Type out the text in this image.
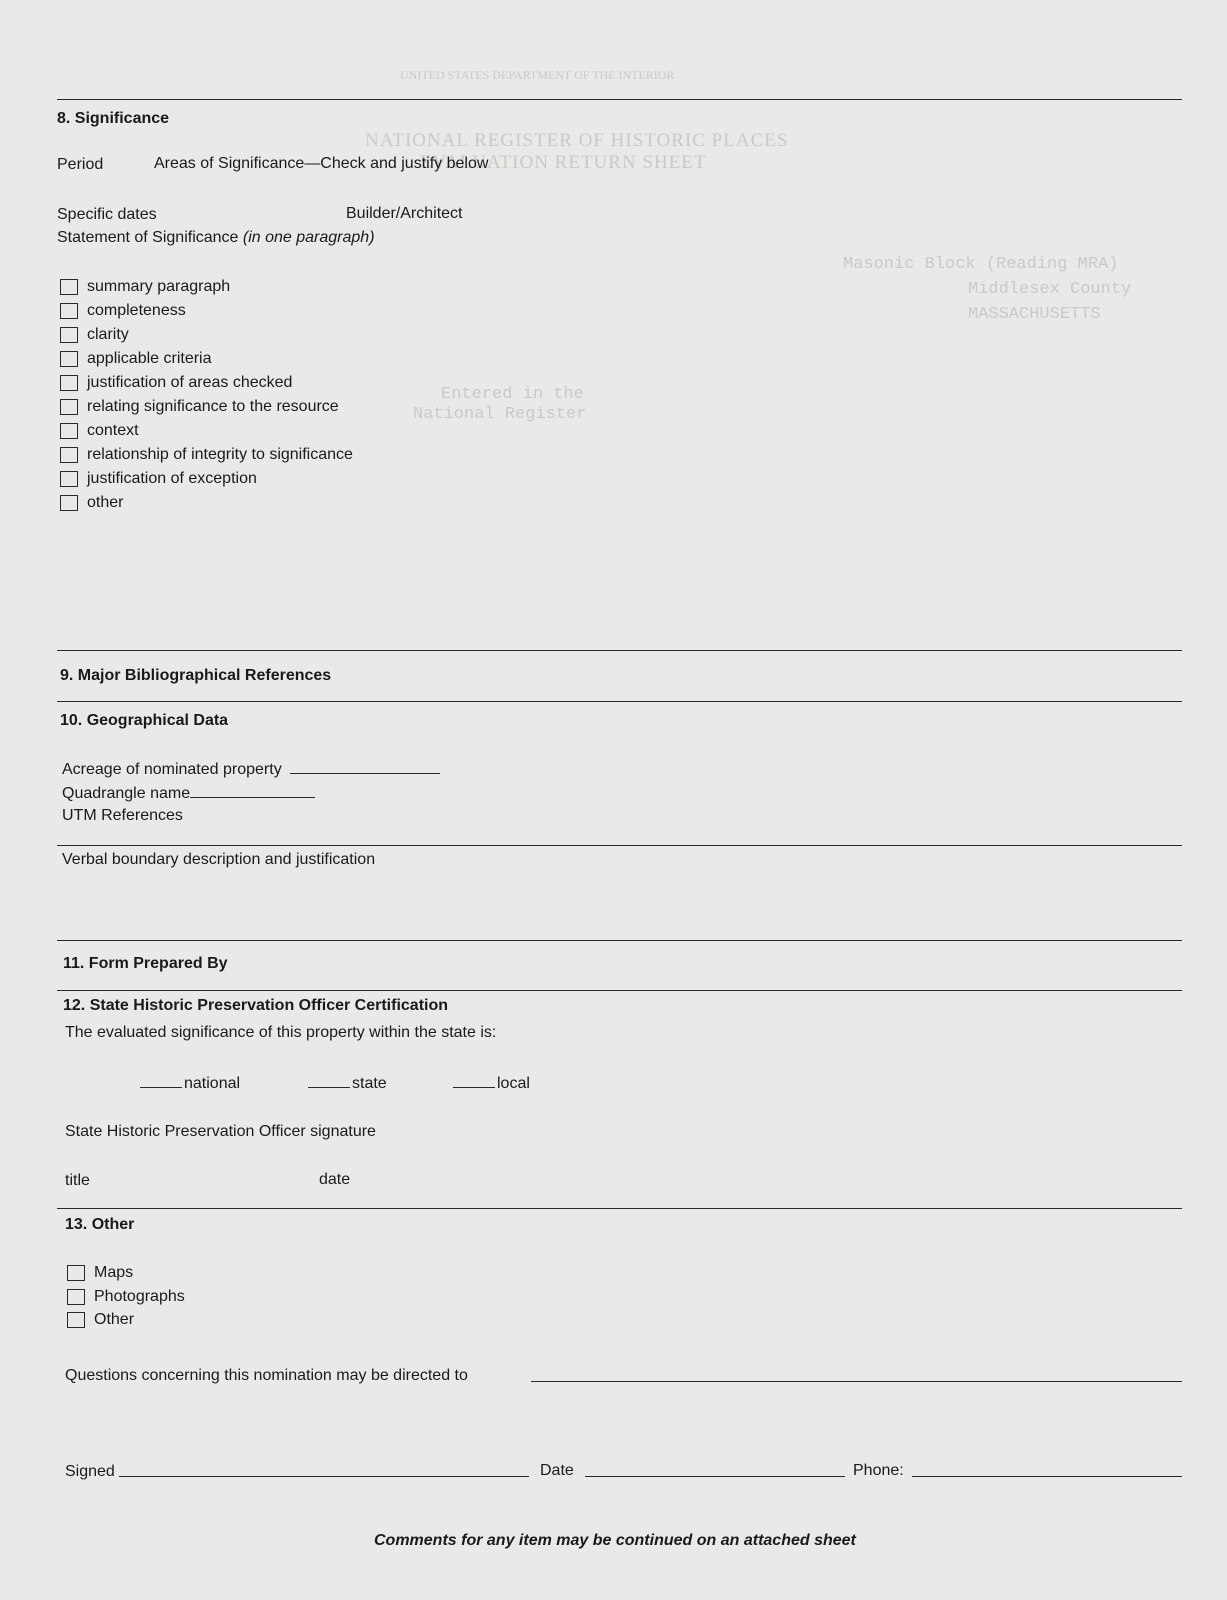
UNITED STATES DEPARTMENT OF THE INTERIOR
NATIONAL REGISTER OF HISTORIC PLACES
EVALUATION RETURN SHEET
Masonic Block (Reading MRA)
Middlesex County
MASSACHUSETTS
Entered in the
National Register
8. Significance
Period	Areas of Significance—Check and justify below
Specific dates	Builder/Architect
Statement of Significance (in one paragraph)
summary paragraph
completeness
clarity
applicable criteria
justification of areas checked
relating significance to the resource
context
relationship of integrity to significance
justification of exception
other
9. Major Bibliographical References
10. Geographical Data
Acreage of nominated property
Quadrangle name
UTM References
Verbal boundary description and justification
11. Form Prepared By
12. State Historic Preservation Officer Certification
The evaluated significance of this property within the state is:
national	state	local
State Historic Preservation Officer signature
title	date
13. Other
Maps
Photographs
Other
Questions concerning this nomination may be directed to
Signed	Date	Phone:
Comments for any item may be continued on an attached sheet
